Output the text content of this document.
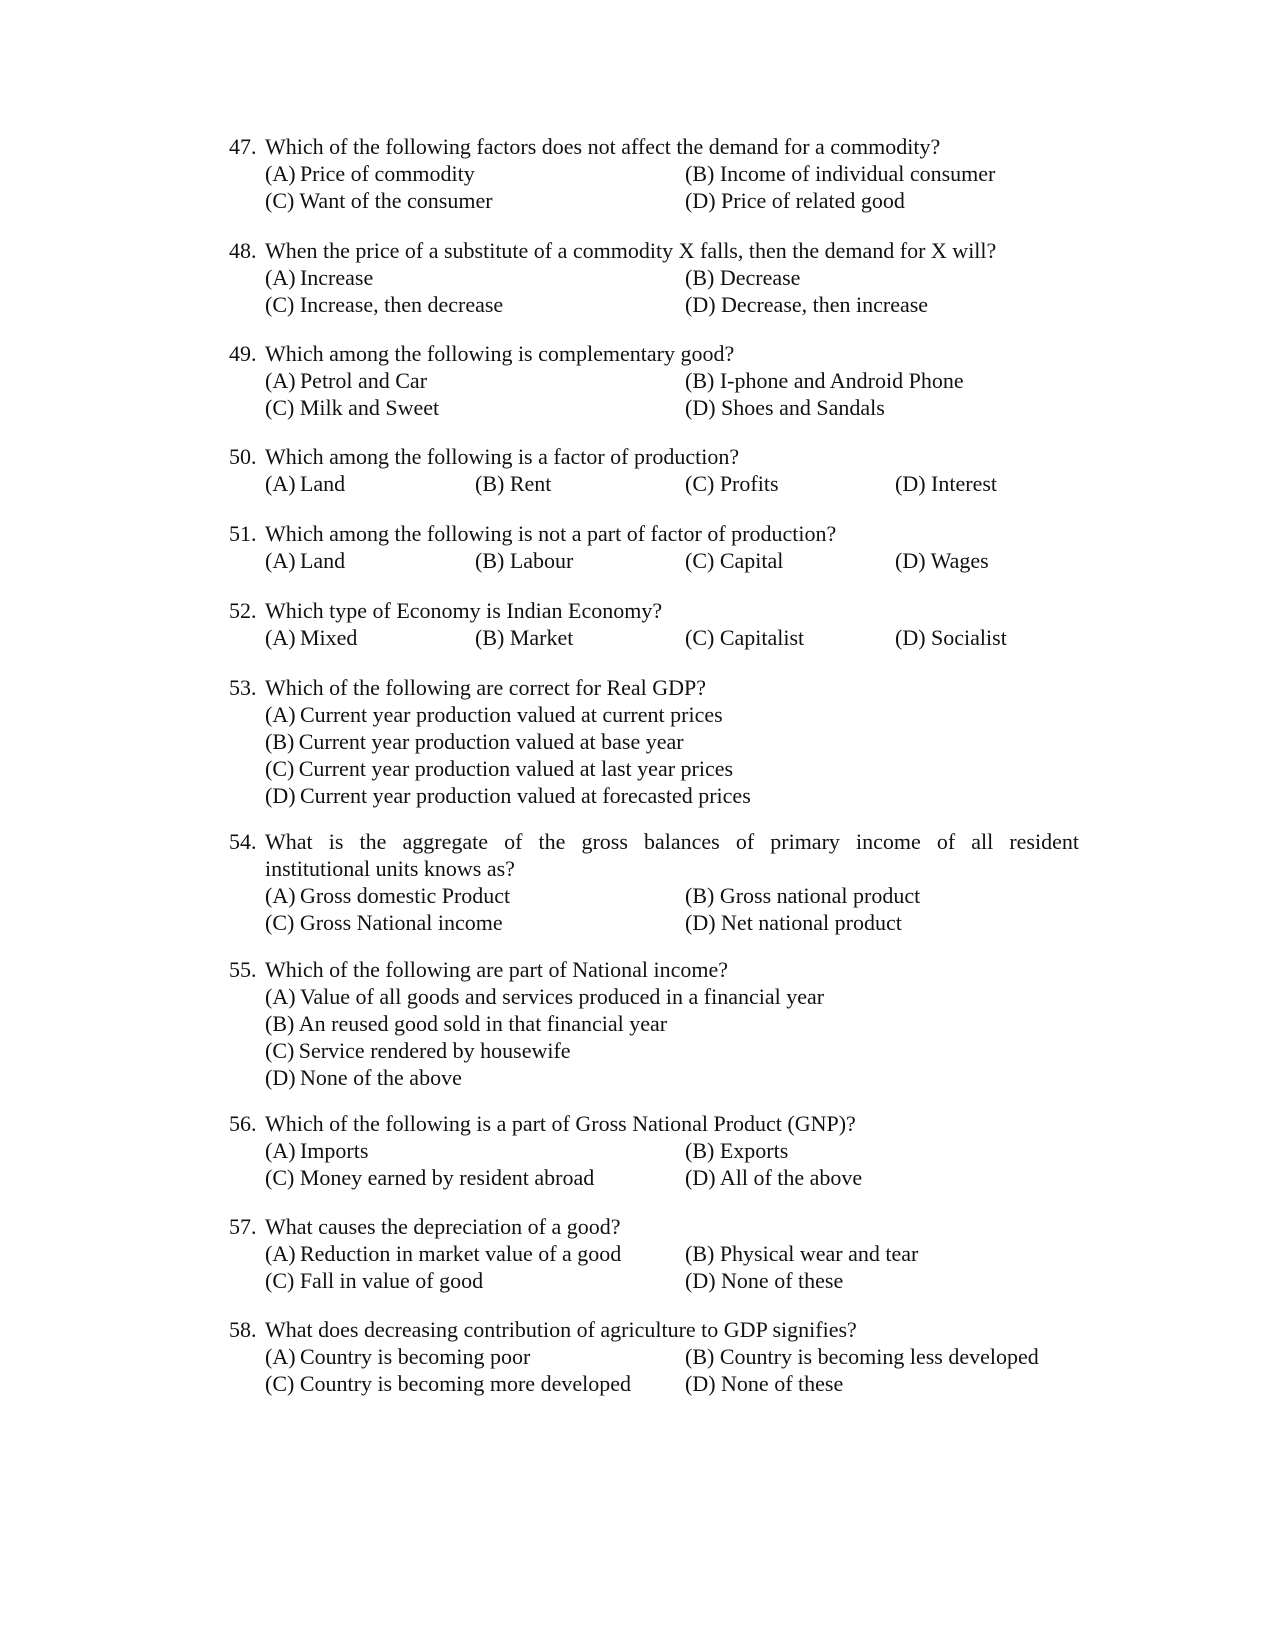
47. Which of the following factors does not affect the demand for a commodity?
(A) Price of commodity	(B) Income of individual consumer
(C) Want of the consumer	(D) Price of related good
48. When the price of a substitute of a commodity X falls, then the demand for X will?
(A) Increase	(B) Decrease
(C) Increase, then decrease	(D) Decrease, then increase
49. Which among the following is complementary good?
(A) Petrol and Car	(B) I-phone and Android Phone
(C) Milk and Sweet	(D) Shoes and Sandals
50. Which among the following is a factor of production?
(A) Land	(B) Rent	(C) Profits	(D) Interest
51. Which among the following is not a part of factor of production?
(A) Land	(B) Labour	(C) Capital	(D) Wages
52. Which type of Economy is Indian Economy?
(A) Mixed	(B) Market	(C) Capitalist	(D) Socialist
53. Which of the following are correct for Real GDP?
(A) Current year production valued at current prices
(B) Current year production valued at base year
(C) Current year production valued at last year prices
(D) Current year production valued at forecasted prices
54. What is the aggregate of the gross balances of primary income of all resident
institutional units knows as?
(A) Gross domestic Product	(B) Gross national product
(C) Gross National income	(D) Net national product
55. Which of the following are part of National income?
(A) Value of all goods and services produced in a financial year
(B) An reused good sold in that financial year
(C) Service rendered by housewife
(D) None of the above
56. Which of the following is a part of Gross National Product (GNP)?
(A) Imports	(B) Exports
(C) Money earned by resident abroad	(D) All of the above
57. What causes the depreciation of a good?
(A) Reduction in market value of a good	(B) Physical wear and tear
(C) Fall in value of good	(D) None of these
58. What does decreasing contribution of agriculture to GDP signifies?
(A) Country is becoming poor	(B) Country is becoming less developed
(C) Country is becoming more developed	(D) None of these
